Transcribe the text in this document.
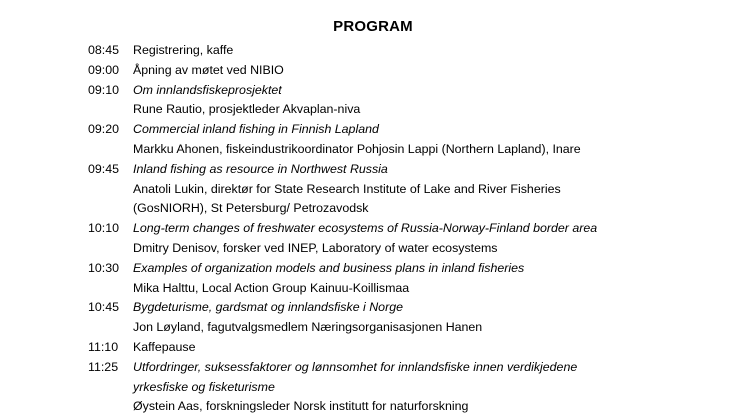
PROGRAM
08:45	Registrering, kaffe
09:00	Åpning av møtet ved NIBIO
09:10	Om innlandsfiskeprosjektet
Rune Rautio, prosjektleder Akvaplan-niva
09:20	Commercial inland fishing in Finnish Lapland
Markku Ahonen, fiskeindustrikoordinator Pohjosin Lappi (Northern Lapland), Inare
09:45	Inland fishing as resource in Northwest Russia
Anatoli Lukin, direktør for State Research Institute of Lake and River Fisheries
(GosNIORH), St Petersburg/ Petrozavodsk
10:10	Long-term changes of freshwater ecosystems of Russia-Norway-Finland border area
Dmitry Denisov, forsker ved INEP, Laboratory of water ecosystems
10:30	Examples of organization models and business plans in inland fisheries
Mika Halttu, Local Action Group Kainuu-Koillismaa
10:45	Bygdeturisme, gardsmat og innlandsfiske i Norge
Jon Løyland, fagutvalgsmedlem Næringsorganisasjonen Hanen
11:10	Kaffepause
11:25	Utfordringer, suksessfaktorer og lønnsomhet for innlandsfiske innen verdikjedene
yrkesfiske og fisketurisme
Øystein Aas, forskningsleder Norsk institutt for naturforskning
